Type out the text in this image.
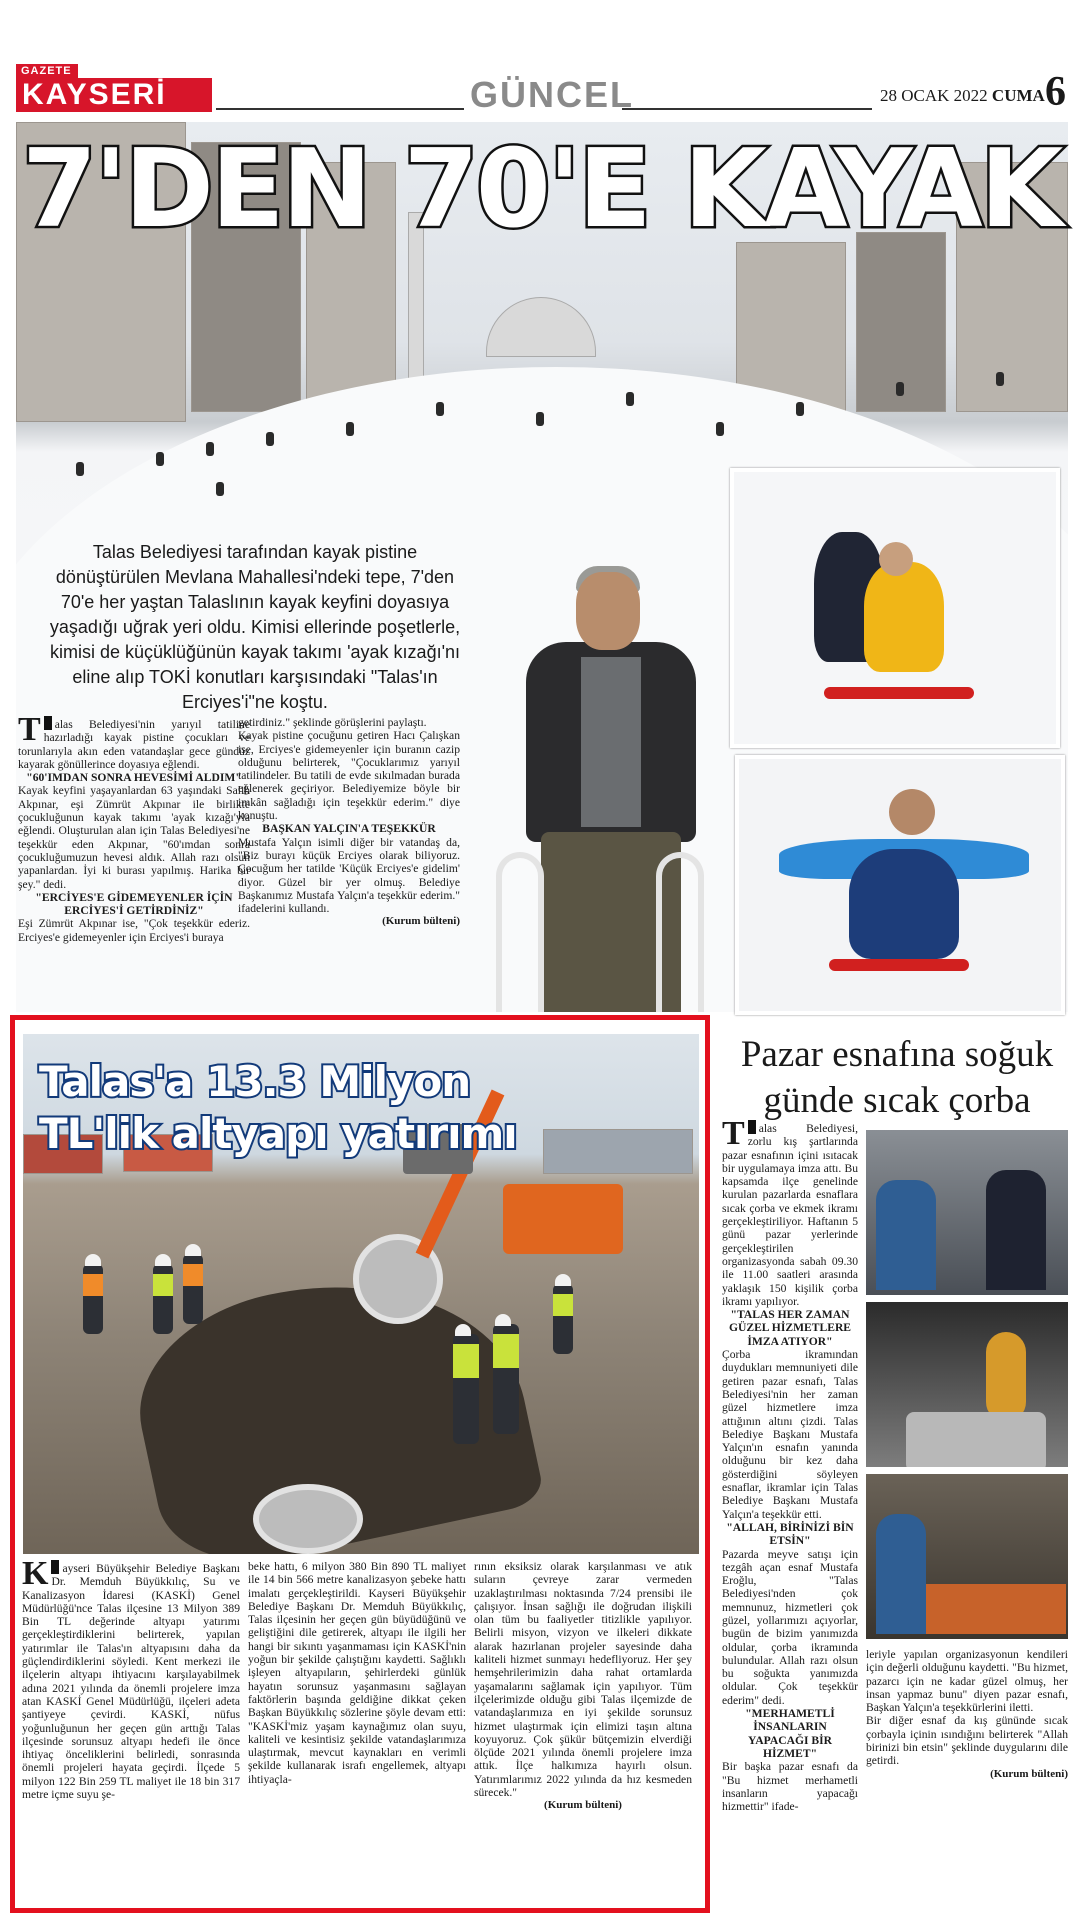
GAZETE
KAYSERİ	GÜNCEL	28 OCAK 2022 CUMA 6
7'DEN 70'E KAYAK
Talas Belediyesi tarafından kayak pistine dönüştürülen Mevlana Mahallesi'ndeki tepe, 7'den 70'e her yaştan Talaslının kayak keyfini doyasıya yaşadığı uğrak yeri oldu. Kimisi ellerinde poşetlerle, kimisi de küçüklüğünün kayak takımı 'ayak kızağı'nı eline alıp TOKİ konutları karşısındaki "Talas'ın Erciyes'i"ne koştu.

T alas Belediyesi'nin yarıyıl tatiline hazırladığı kayak pistine çocukları ve torunlarıyla akın eden vatandaşlar gece gündüz kayarak gönüllerince doyasıya eğlendi.

"60'IMDAN SONRA HEVESİMİ ALDIM"

Kayak keyfini yaşayanlardan 63 yaşındaki Salih Akpınar, eşi Zümrüt Akpınar ile birlikte çocukluğunun kayak takımı 'ayak kızağı'yla eğlendi. Oluşturulan alan için Talas Belediyesi'ne teşekkür eden Akpınar, "60'ımdan sonra çocukluğumuzun hevesi aldık. Allah razı olsun yapanlardan. İyi ki burası yapılmış. Harika bir şey." dedi.

"ERCİYES'E GİDEMEYENLER İÇİN ERCİYES'İ GETİRDİNİZ"

Eşi Zümrüt Akpınar ise, "Çok teşekkür ederiz. Erciyes'e gidemeyenler için Erciyes'i buraya

getirdiniz." şeklinde görüşlerini paylaştı.

Kayak pistine çocuğunu getiren Hacı Çalışkan ise, Erciyes'e gidemeyenler için buranın cazip olduğunu belirterek, "Çocuklarımız yarıyıl tatilindeler. Bu tatili de evde sıkılmadan burada eğlenerek geçiriyor. Belediyemize böyle bir imkân sağladığı için teşekkür ederim." diye konuştu.

BAŞKAN YALÇIN'A TEŞEKKÜR

Mustafa Yalçın isimli diğer bir vatandaş da, "Biz burayı küçük Erciyes olarak biliyoruz. Çocuğum her tatilde 'Küçük Erciyes'e gidelim' diyor. Güzel bir yer olmuş. Belediye Başkanımız Mustafa Yalçın'a teşekkür ederim." ifadelerini kullandı.

(Kurum bülteni)
Talas'a 13.3 Milyon
TL'lik altyapı yatırımı
K ayseri Büyükşehir Belediye Başkanı Dr. Memduh Büyükkılıç, Su ve Kanalizasyon İdaresi (KASKİ) Genel Müdürlüğü'nce Talas ilçesine 13 Milyon 389 Bin TL değerinde altyapı yatırımı gerçekleştirdiklerini belirterek, yapılan yatırımlar ile Talas'ın altyapısını daha da güçlendirdiklerini söyledi. Kent merkezi ile ilçelerin altyapı ihtiyacını karşılayabilmek adına 2021 yılında da önemli projelere imza atan KASKİ Genel Müdürlüğü, ilçeleri adeta şantiyeye çevirdi. KASKİ, nüfus yoğunluğunun her geçen gün arttığı Talas ilçesinde sorunsuz altyapı hedefi ile önce ihtiyaç önceliklerini belirledi, sonrasında önemli projeleri hayata geçirdi. İlçede 5 milyon 122 Bin 259 TL maliyet ile 18 bin 317 metre içme suyu şe-
beke hattı, 6 milyon 380 Bin 890 TL maliyet ile 14 bin 566 metre kanalizasyon şebeke hattı imalatı gerçekleştirildi. Kayseri Büyükşehir Belediye Başkanı Dr. Memduh Büyükkılıç, Talas ilçesinin her geçen gün büyüdüğünü ve geliştiğini dile getirerek, altyapı ile ilgili her hangi bir sıkıntı yaşanmaması için KASKİ'nin yoğun bir şekilde çalıştığını kaydetti. Sağlıklı işleyen altyapıların, şehirlerdeki günlük hayatın sorunsuz yaşanmasını sağlayan faktörlerin başında geldiğine dikkat çeken Başkan Büyükkılıç sözlerine şöyle devam etti: "KASKİ'miz yaşam kaynağımız olan suyu, kaliteli ve kesintisiz şekilde vatandaşlarımıza ulaştırmak, mevcut kaynakları en verimli şekilde kullanarak israfı engellemek, altyapı ihtiyaçla-
rının eksiksiz olarak karşılanması ve atık suların çevreye zarar vermeden uzaklaştırılması noktasında 7/24 prensibi ile çalışıyor. İnsan sağlığı ile doğrudan ilişkili olan tüm bu faaliyetler titizlikle yapılıyor. Belirli misyon, vizyon ve ilkeleri dikkate alarak hazırlanan projeler sayesinde daha kaliteli hizmet sunmayı hedefliyoruz. Her şey hemşehrilerimizin daha rahat ortamlarda yaşamalarını sağlamak için yapılıyor. Tüm ilçelerimizde olduğu gibi Talas ilçemizde de vatandaşlarımıza en iyi şekilde sorunsuz hizmet ulaştırmak için elimizi taşın altına koyuyoruz. Çok şükür bütçemizin elverdiği ölçüde 2021 yılında önemli projelere imza attık. İlçe halkımıza hayırlı olsun. Yatırımlarımız 2022 yılında da hız kesmeden sürecek."
(Kurum bülteni)
Pazar esnafına soğuk günde sıcak çorba

T alas Belediyesi, zorlu kış şartlarında pazar esnafının içini ısıtacak bir uygulamaya imza attı. Bu kapsamda ilçe genelinde kurulan pazarlarda esnaflara sıcak çorba ve ekmek ikramı gerçekleştiriliyor. Haftanın 5 günü pazar yerlerinde gerçekleştirilen organizasyonda sabah 09.30 ile 11.00 saatleri arasında yaklaşık 150 kişilik çorba ikramı yapılıyor.

"TALAS HER ZAMAN GÜZEL HİZMETLERE İMZA ATIYOR"

Çorba ikramından duydukları memnuniyeti dile getiren pazar esnafı, Talas Belediyesi'nin her zaman güzel hizmetlere imza attığının altını çizdi. Talas Belediye Başkanı Mustafa Yalçın'ın esnafın yanında olduğunu bir kez daha gösterdiğini söyleyen esnaflar, ikramlar için Talas Belediye Başkanı Mustafa Yalçın'a teşekkür etti.

"ALLAH, BİRİNİZİ BİN ETSİN"

Pazarda meyve satışı için tezgâh açan esnaf Mustafa Eroğlu, "Talas Belediyesi'nden çok memnunuz, hizmetleri çok güzel, yollarımızı açıyorlar, bugün de bizim yanımızda oldular, çorba ikramında bulundular. Allah razı olsun bu soğukta yanımızda oldular. Çok teşekkür ederim" dedi.

"MERHAMETLİ İNSANLARIN YAPACAĞI BİR HİZMET"

Bir başka pazar esnafı da "Bu hizmet merhametli insanların yapacağı hizmettir" ifade-

leriyle yapılan organizasyonun kendileri için değerli olduğunu kaydetti. "Bu hizmet, pazarcı için ne kadar güzel olmuş, her insan yapmaz bunu" diyen pazar esnafı, Başkan Yalçın'a teşekkürlerini iletti.

Bir diğer esnaf da kış gününde sıcak çorbayla içinin ısındığını belirterek "Allah birinizi bin etsin" şeklinde duygularını dile getirdi.

(Kurum bülteni)
